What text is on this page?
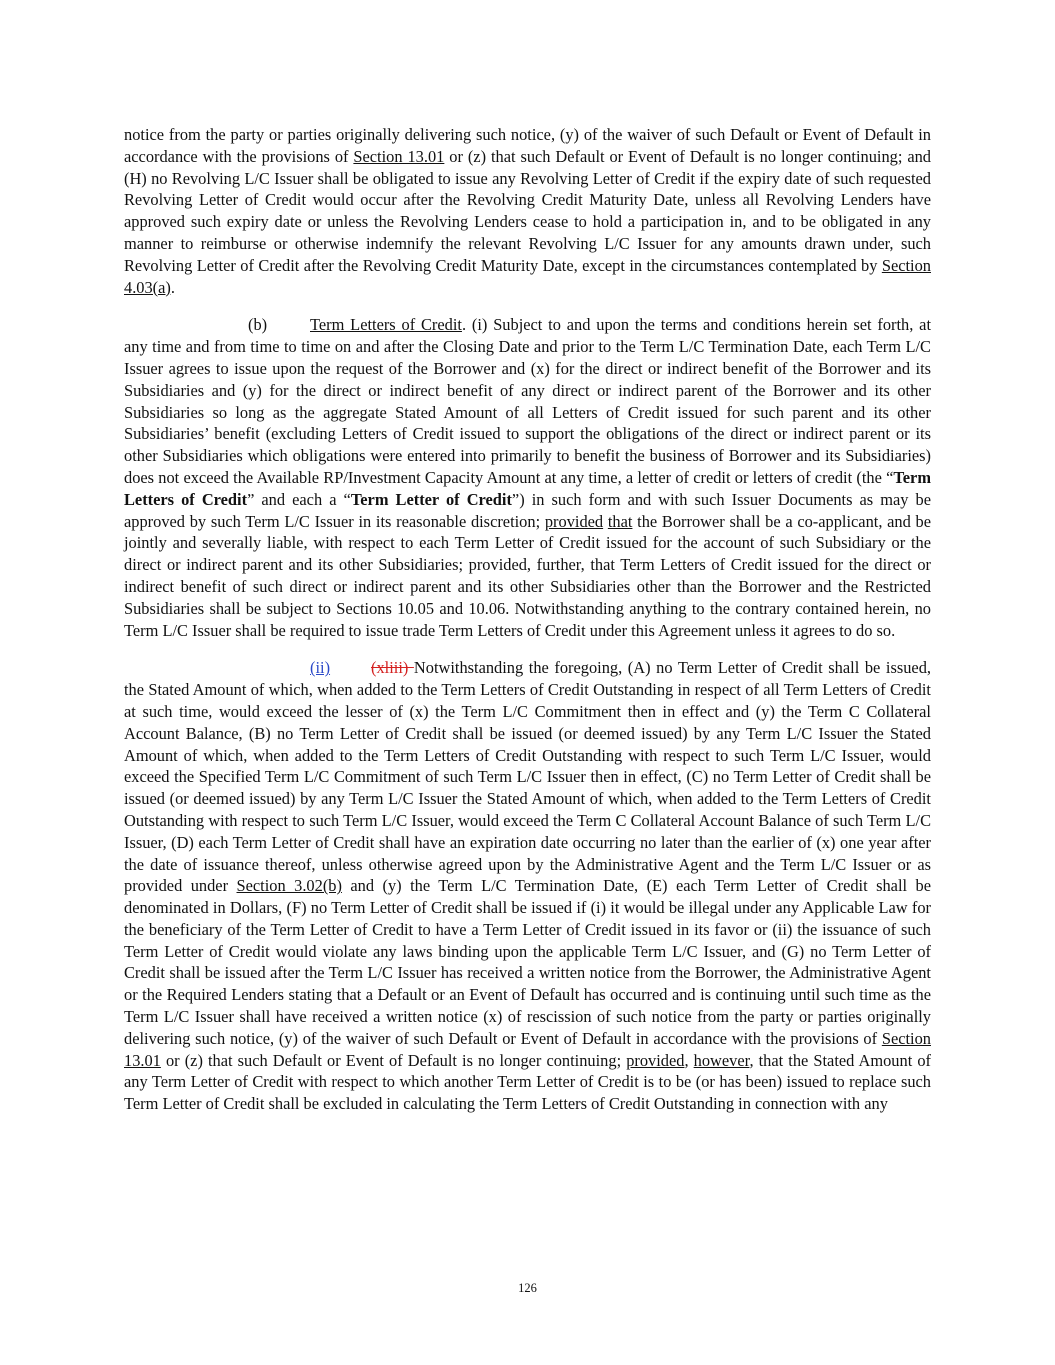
notice from the party or parties originally delivering such notice, (y) of the waiver of such Default or Event of Default in accordance with the provisions of Section 13.01 or (z) that such Default or Event of Default is no longer continuing; and (H) no Revolving L/C Issuer shall be obligated to issue any Revolving Letter of Credit if the expiry date of such requested Revolving Letter of Credit would occur after the Revolving Credit Maturity Date, unless all Revolving Lenders have approved such expiry date or unless the Revolving Lenders cease to hold a participation in, and to be obligated in any manner to reimburse or otherwise indemnify the relevant Revolving L/C Issuer for any amounts drawn under, such Revolving Letter of Credit after the Revolving Credit Maturity Date, except in the circumstances contemplated by Section 4.03(a).

(b)	Term Letters of Credit. (i) Subject to and upon the terms and conditions herein set forth, at any time and from time to time on and after the Closing Date and prior to the Term L/C Termination Date, each Term L/C Issuer agrees to issue upon the request of the Borrower and (x) for the direct or indirect benefit of the Borrower and its Subsidiaries and (y) for the direct or indirect benefit of any direct or indirect parent of the Borrower and its other Subsidiaries so long as the aggregate Stated Amount of all Letters of Credit issued for such parent and its other Subsidiaries’ benefit (excluding Letters of Credit issued to support the obligations of the direct or indirect parent or its other Subsidiaries which obligations were entered into primarily to benefit the business of Borrower and its Subsidiaries) does not exceed the Available RP/Investment Capacity Amount at any time, a letter of credit or letters of credit (the “Term Letters of Credit” and each a “Term Letter of Credit”) in such form and with such Issuer Documents as may be approved by such Term L/C Issuer in its reasonable discretion; provided that the Borrower shall be a co-applicant, and be jointly and severally liable, with respect to each Term Letter of Credit issued for the account of such Subsidiary or the direct or indirect parent and its other Subsidiaries; provided, further, that Term Letters of Credit issued for the direct or indirect benefit of such direct or indirect parent and its other Subsidiaries other than the Borrower and the Restricted Subsidiaries shall be subject to Sections 10.05 and 10.06. Notwithstanding anything to the contrary contained herein, no Term L/C Issuer shall be required to issue trade Term Letters of Credit under this Agreement unless it agrees to do so.

(ii) (xliii) Notwithstanding the foregoing, (A) no Term Letter of Credit shall be issued, the Stated Amount of which, when added to the Term Letters of Credit Outstanding in respect of all Term Letters of Credit at such time, would exceed the lesser of (x) the Term L/C Commitment then in effect and (y) the Term C Collateral Account Balance, (B) no Term Letter of Credit shall be issued (or deemed issued) by any Term L/C Issuer the Stated Amount of which, when added to the Term Letters of Credit Outstanding with respect to such Term L/C Issuer, would exceed the Specified Term L/C Commitment of such Term L/C Issuer then in effect, (C) no Term Letter of Credit shall be issued (or deemed issued) by any Term L/C Issuer the Stated Amount of which, when added to the Term Letters of Credit Outstanding with respect to such Term L/C Issuer, would exceed the Term C Collateral Account Balance of such Term L/C Issuer, (D) each Term Letter of Credit shall have an expiration date occurring no later than the earlier of (x) one year after the date of issuance thereof, unless otherwise agreed upon by the Administrative Agent and the Term L/C Issuer or as provided under Section 3.02(b) and (y) the Term L/C Termination Date, (E) each Term Letter of Credit shall be denominated in Dollars, (F) no Term Letter of Credit shall be issued if (i) it would be illegal under any Applicable Law for the beneficiary of the Term Letter of Credit to have a Term Letter of Credit issued in its favor or (ii) the issuance of such Term Letter of Credit would violate any laws binding upon the applicable Term L/C Issuer, and (G) no Term Letter of Credit shall be issued after the Term L/C Issuer has received a written notice from the Borrower, the Administrative Agent or the Required Lenders stating that a Default or an Event of Default has occurred and is continuing until such time as the Term L/C Issuer shall have received a written notice (x) of rescission of such notice from the party or parties originally delivering such notice, (y) of the waiver of such Default or Event of Default in accordance with the provisions of Section 13.01 or (z) that such Default or Event of Default is no longer continuing; provided, however, that the Stated Amount of any Term Letter of Credit with respect to which another Term Letter of Credit is to be (or has been) issued to replace such Term Letter of Credit shall be excluded in calculating the Term Letters of Credit Outstanding in connection with any

126
